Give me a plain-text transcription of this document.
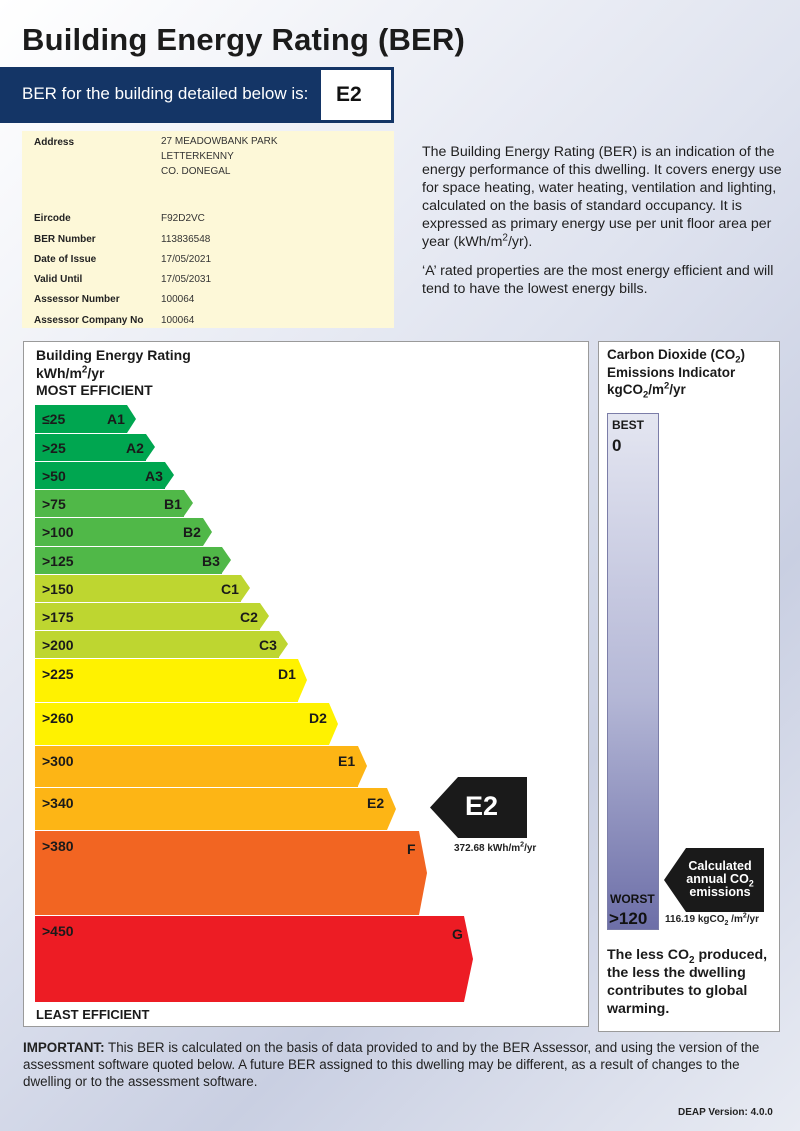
Building Energy Rating (BER)
BER for the building detailed below is:	E2
Address	27 MEADOWBANK PARK
LETTERKENNY
CO. DONEGAL
Eircode	F92D2VC
BER Number	113836548
Date of Issue	17/05/2021
Valid Until	17/05/2031
Assessor Number	100064
Assessor Company No 100064
The Building Energy Rating (BER) is an indication of the energy performance of this dwelling. It covers energy use for space heating, water heating, ventilation and lighting, calculated on the basis of standard occupancy. It is expressed as primary energy use per unit floor area per year $(kWh/m^2/yr)$.
‘A’ rated properties are the most energy efficient and will tend to have the lowest energy bills.
Building Energy Rating
kWh/$m^2/yr$
MOST EFFICIENT
≤25	A1
>25	A2
>50	A3
>75	B1
>100	B2
>125	B3
>150	C1
>175	C2
>200	C3
>225	D1
>260	D2
>300	E1
>340	E2
>380	F
>450	G
LEAST EFFICIENT
E2
372.68 kWh/$m^2/yr$
Carbon Dioxide $(CO_2)$
Emissions Indicator
$kgCO_2/m^2/yr$
BEST
0
WORST
>120
Calculated
annual $CO_2$
emissions
116.19 kgCO$_2$ $/m^2/yr$
The less $CO_2$ produced, the less the dwelling contributes to global warming.
IMPORTANT: This BER is calculated on the basis of data provided to and by the BER Assessor, and using the version of the assessment software quoted below. A future BER assigned to this dwelling may be different, as a result of changes to the dwelling or to the assessment software.
DEAP Version: 4.0.0
